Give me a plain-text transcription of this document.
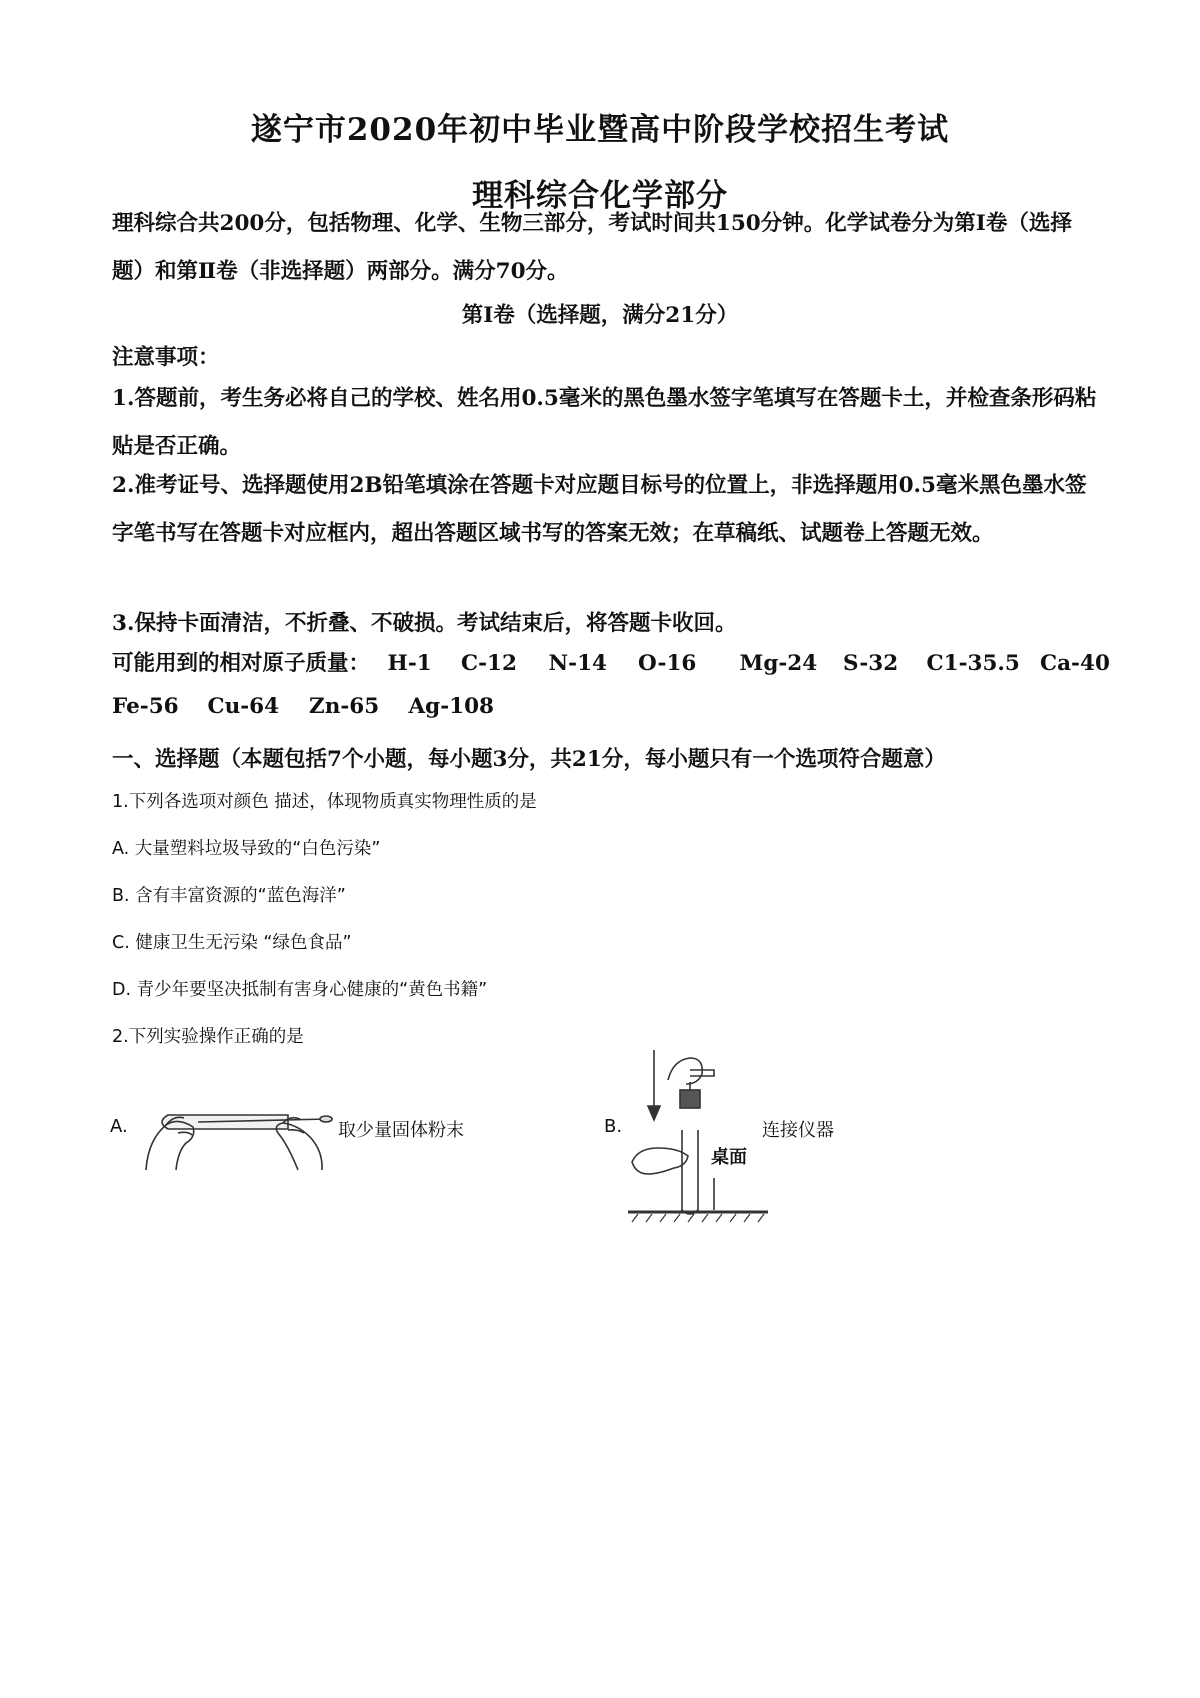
遂宁市2020年初中毕业暨高中阶段学校招生考试
理科综合化学部分
理科综合共200分，包括物理、化学、生物三部分，考试时间共150分钟。化学试卷分为第I卷（选择题）和第Ⅱ卷（非选择题）两部分。满分70分。
第I卷（选择题，满分21分）
注意事项：
1.答题前，考生务必将自己的学校、姓名用0.5毫米的黑色墨水签字笔填写在答题卡土，并检查条形码粘贴是否正确。
2.准考证号、选择题使用2B铅笔填涂在答题卡对应题目标号的位置上，非选择题用0.5毫米黑色墨水签字笔书写在答题卡对应框内，超出答题区域书写的答案无效；在草稿纸、试题卷上答题无效。
3.保持卡面清洁，不折叠、不破损。考试结束后，将答题卡收回。
可能用到的相对原子质量： H-1 C-12 N-14 O-16 Mg-24 S-32 C1-35.5 Ca-40
Fe-56 Cu-64 Zn-65 Ag-108
一、选择题（本题包括7个小题，每小题3分，共21分，每小题只有一个选项符合题意）
1.下列各选项对颜色 描述，体现物质真实物理性质的是
A. 大量塑料垃圾导致的“白色污染”
B. 含有丰富资源的“蓝色海洋”
C. 健康卫生无污染 “绿色食品”
D. 青少年要坚决抵制有害身心健康的“黄色书籍”
2.下列实验操作正确的是
A.	取少量固体粉末	B.
桌面
连接仪器
